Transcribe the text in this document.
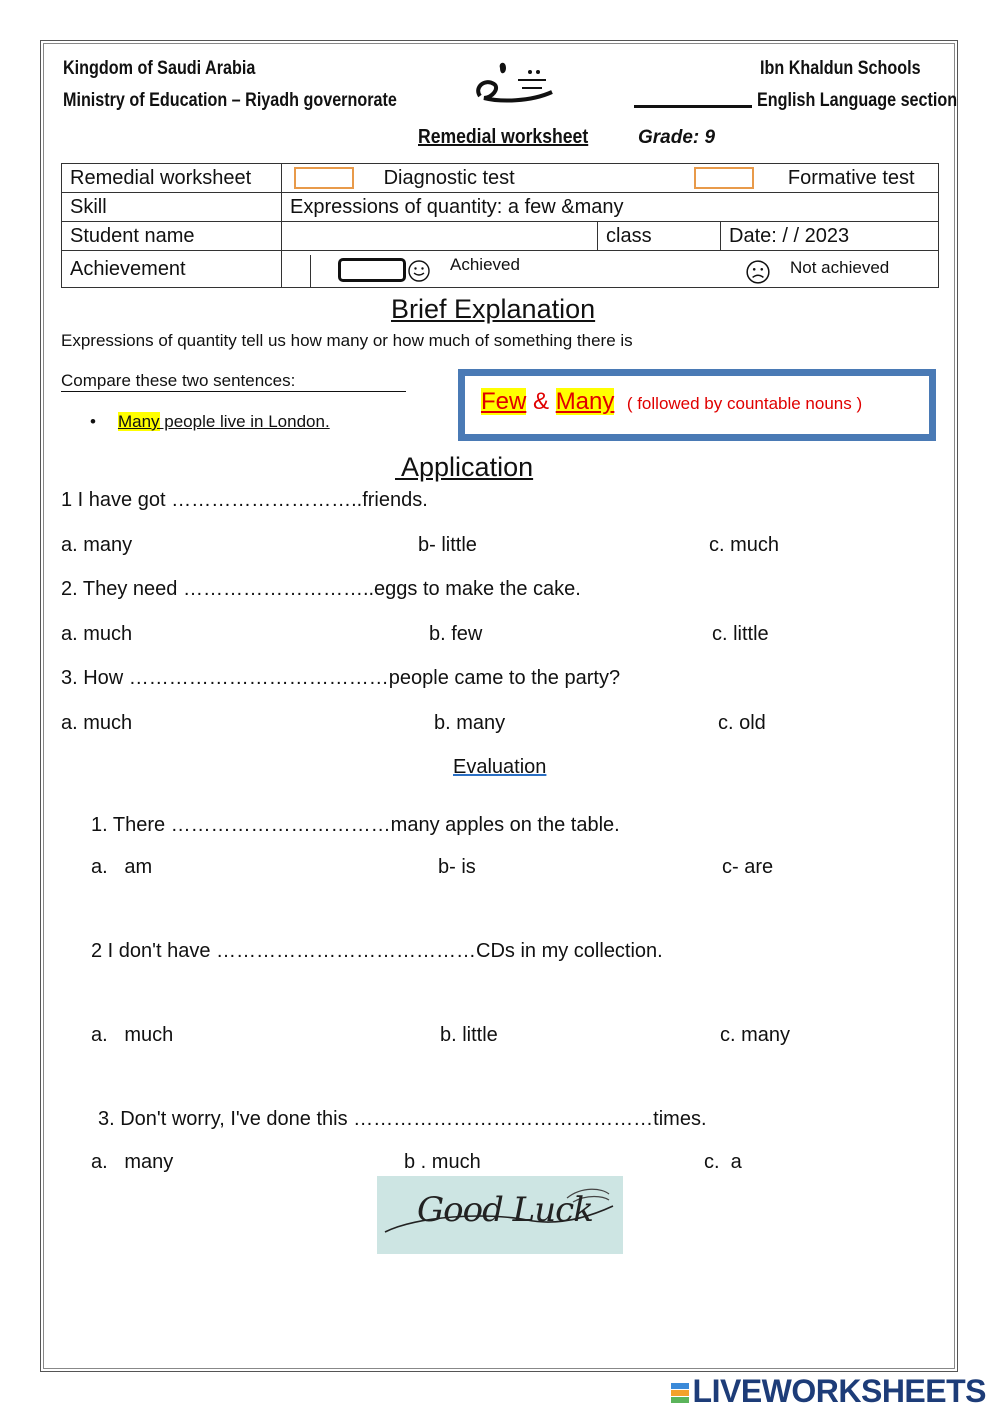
Kingdom of Saudi Arabia
Ministry of Education – Riyadh governorate
Ibn Khaldun Schools
English Language section
Remedial worksheet	Grade: 9
Remedial worksheet	Diagnostic test Formative test		
Skill	Expressions of quantity: a few &many		
Student name		class	Date: / / 2023
Achievement	Achieved Not achieved		
Brief Explanation
Expressions of quantity tell us how many or how much of something there is
Compare these two sentences:
• Many people live in London.
Few & Many ( followed by countable nouns )
Application
1 I have got ………………………..friends.
a. many	b- little	c. much
2. They need ………………………..eggs to make the cake.
a. much	b. few	c. little
3. How …………………………………people came to the party?
a. much	b. many	c. old
Evaluation
1. There ……………………………many apples on the table.
a.   am	b- is	c- are
2 I don't have …………………………………CDs in my collection.
a.   much	b. little	c. many
3. Don't worry, I've done this ………………………………………times.
a.   many	b . much	c.  a
Good Luck
LIVEWORKSHEETS
